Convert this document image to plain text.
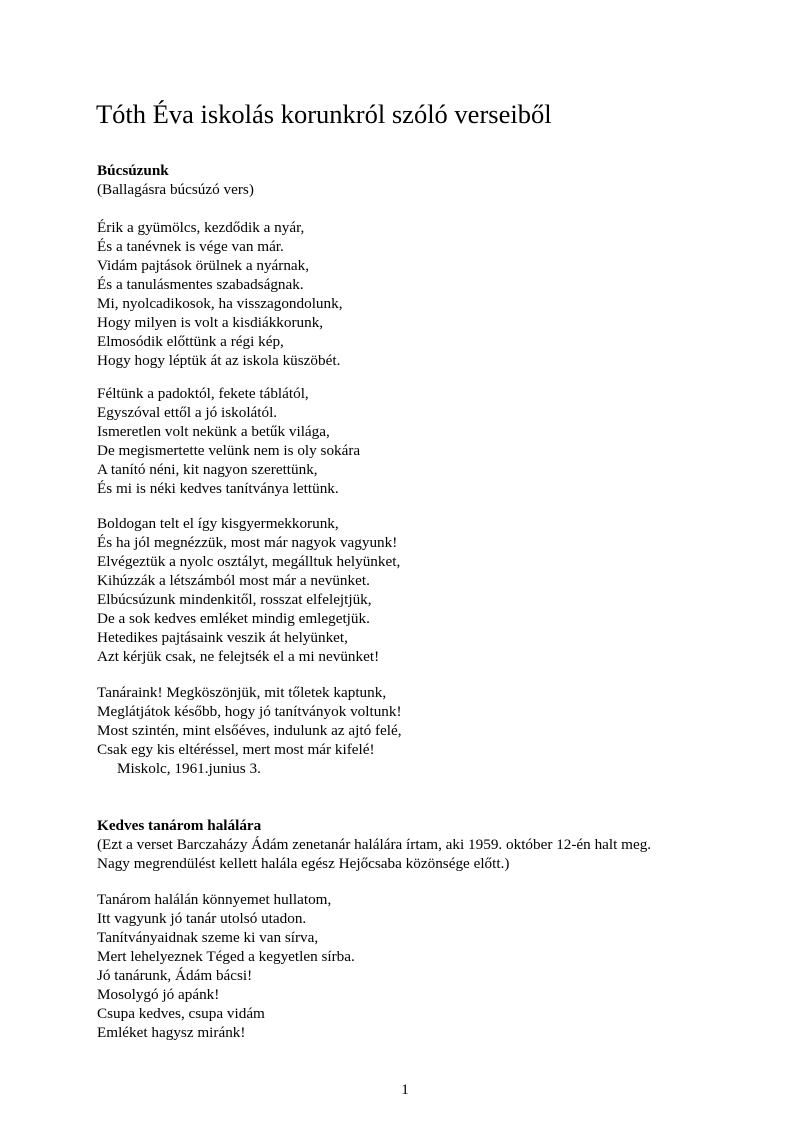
Tóth Éva iskolás korunkról szóló verseiből
Búcsúzunk
(Ballagásra búcsúzó vers)
Érik a gyümölcs, kezdődik a nyár,
És a tanévnek is vége van már.
Vidám pajtások örülnek a nyárnak,
És a tanulásmentes szabadságnak.
Mi, nyolcadikosok, ha visszagondolunk,
Hogy milyen is volt a kisdiákkorunk,
Elmosódik előttünk a régi kép,
Hogy hogy léptük át az iskola küszöbét.
Féltünk a padoktól, fekete táblától,
Egyszóval ettől a jó iskolától.
Ismeretlen volt nekünk a betűk világa,
De megismertette velünk nem is oly sokára
A tanító néni, kit nagyon szerettünk,
És mi is néki kedves tanítványa lettünk.
Boldogan telt el így kisgyermekkorunk,
És ha jól megnézzük, most már nagyok vagyunk!
Elvégeztük a nyolc osztályt, megálltuk helyünket,
Kihúzzák a létszámból most már a nevünket.
Elbúcsúzunk mindenkitől, rosszat elfelejtjük,
De a sok kedves emléket mindig emlegetjük.
Hetedikes pajtásaink veszik át helyünket,
Azt kérjük csak, ne felejtsék el a mi nevünket!
Tanáraink! Megköszönjük, mit tőletek kaptunk,
Meglátjátok később, hogy jó tanítványok voltunk!
Most szintén, mint elsőéves, indulunk az ajtó felé,
Csak egy kis eltéréssel, mert most már kifelé!
Miskolc, 1961.junius 3.
Kedves tanárom halálára
(Ezt a verset Barczaházy Ádám zenetanár halálára írtam, aki 1959. október 12-én halt meg.
Nagy megrendülést kellett halála egész Hejőcsaba közönsége előtt.)
Tanárom halálán könnyemet hullatom,
Itt vagyunk jó tanár utolsó utadon.
Tanítványaidnak szeme ki van sírva,
Mert lehelyeznek Téged a kegyetlen sírba.
Jó tanárunk, Ádám bácsi!
Mosolygó jó apánk!
Csupa kedves, csupa vidám
Emléket hagysz miránk!
1
